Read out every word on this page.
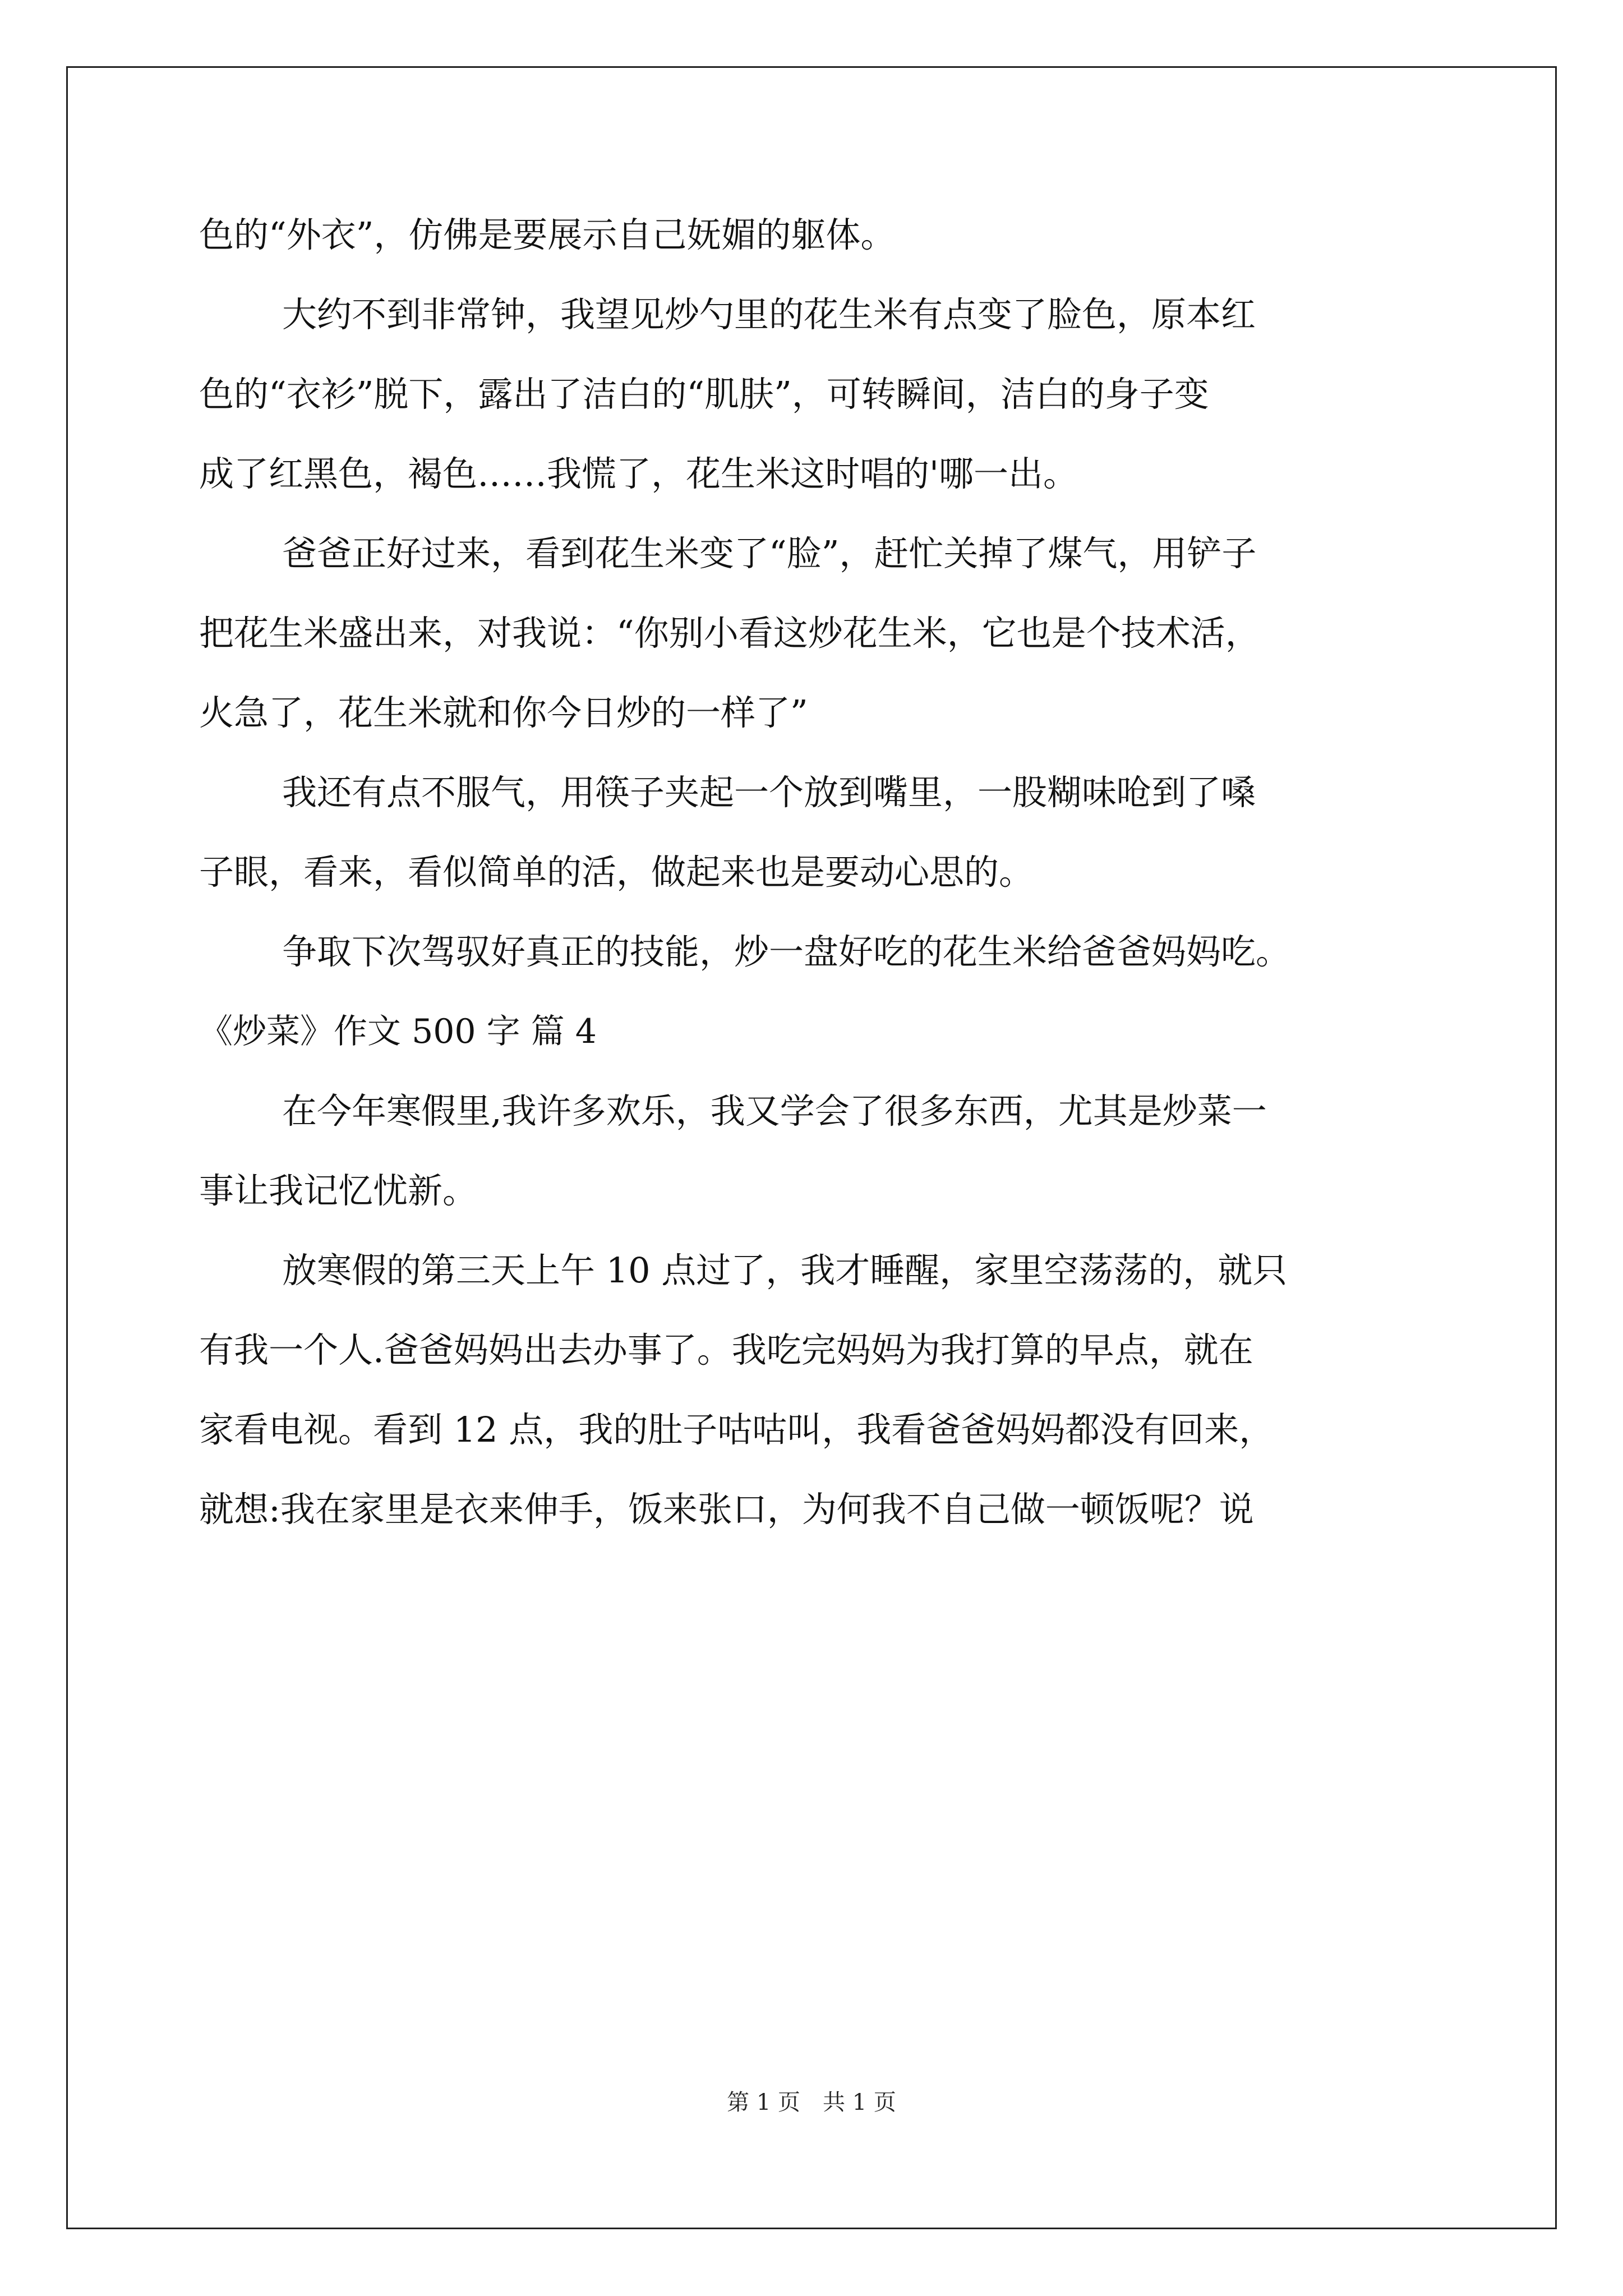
色的“外衣”，仿佛是要展示自己妩媚的躯体。
大约不到非常钟，我望见炒勺里的花生米有点变了脸色，原本红
色的“衣衫”脱下，露出了洁白的“肌肤”，可转瞬间，洁白的身子变
成了红黑色，褐色……我慌了，花生米这时唱的'哪一出。
爸爸正好过来，看到花生米变了“脸”，赶忙关掉了煤气，用铲子
把花生米盛出来，对我说：“你别小看这炒花生米，它也是个技术活，
火急了，花生米就和你今日炒的一样了”
我还有点不服气，用筷子夹起一个放到嘴里，一股糊味呛到了嗓
子眼，看来，看似简单的活，做起来也是要动心思的。
争取下次驾驭好真正的技能，炒一盘好吃的花生米给爸爸妈妈吃。
《炒菜》作文 500 字 篇 4
在今年寒假里,我许多欢乐，我又学会了很多东西，尤其是炒菜一
事让我记忆忧新。
放寒假的第三天上午 10 点过了，我才睡醒，家里空荡荡的，就只
有我一个人.爸爸妈妈出去办事了。我吃完妈妈为我打算的早点，就在
家看电视。看到 12 点，我的肚子咕咕叫，我看爸爸妈妈都没有回来，
就想:我在家里是衣来伸手，饭来张口，为何我不自己做一顿饭呢？说
第 1 页　共 1 页
